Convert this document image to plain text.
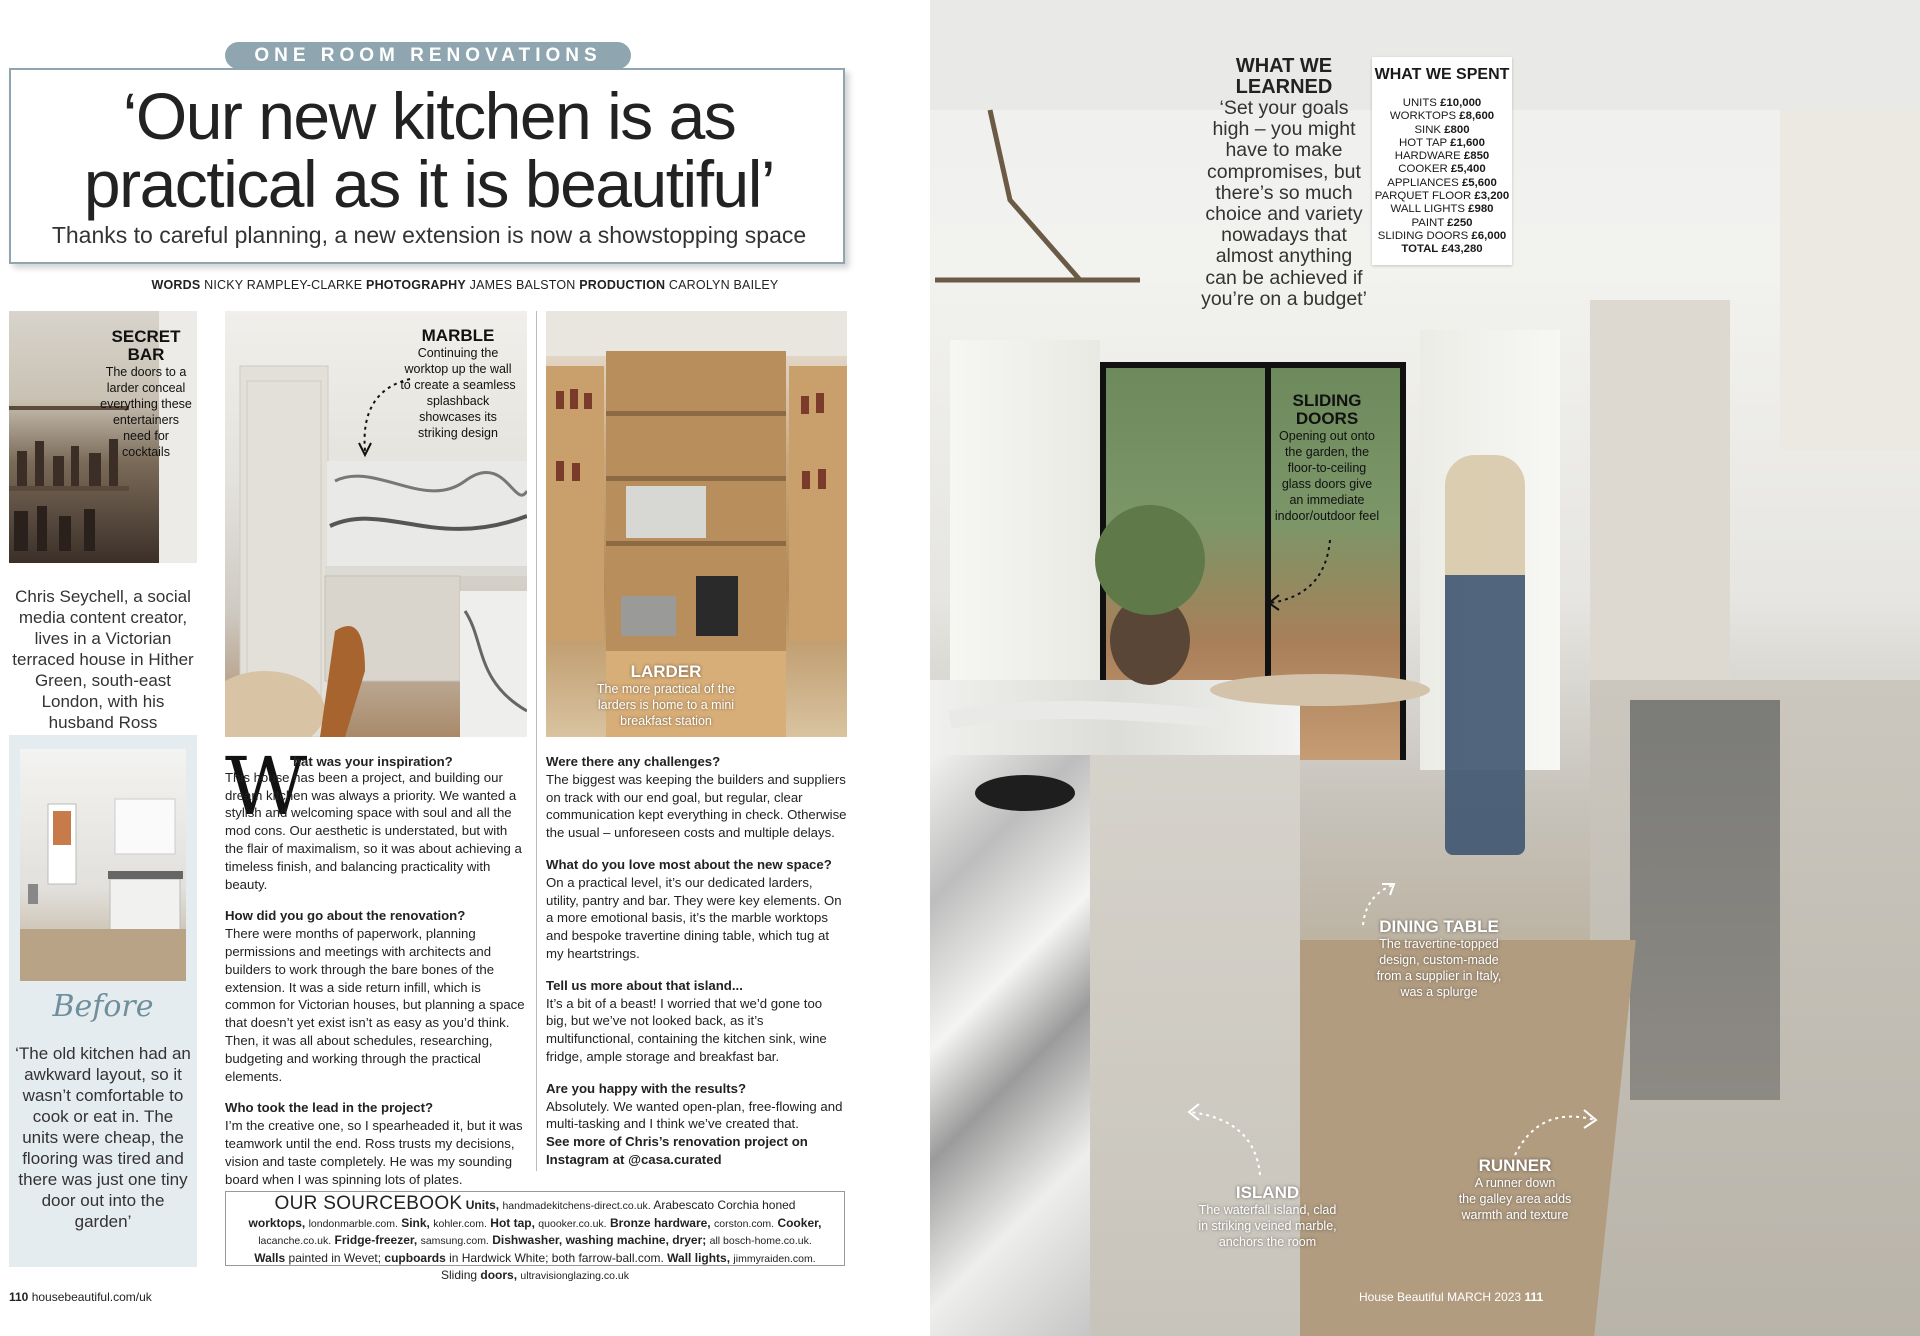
ONE ROOM RENOVATIONS
‘Our new kitchen is as
practical as it is beautiful’
Thanks to careful planning, a new extension is now a showstopping space
WORDS NICKY RAMPLEY-CLARKE PHOTOGRAPHY JAMES BALSTON PRODUCTION CAROLYN BAILEY
SECRET
BAR
The doors to a
larder conceal
everything these
entertainers
need for
cocktails
MARBLE
Continuing the
worktop up the wall
to create a seamless
splashback
showcases its
striking design
LARDER
The more practical of the
larders is home to a mini
breakfast station
Chris Seychell, a social media content creator, lives in a Victorian terraced house in Hither Green, south-east London, with his husband Ross
Before
‘The old kitchen had an awkward layout, so it wasn’t comfortable to cook or eat in. The units were cheap, the flooring was tired and there was just one tiny door out into the garden’
W

hat was your inspiration?

This house has been a project, and building our dream kitchen was always a priority. We wanted a stylish and welcoming space with soul and all the mod cons. Our aesthetic is understated, but with the flair of maximalism, so it was about achieving a timeless finish, and balancing practicality with beauty.

How did you go about the renovation?
There were months of paperwork, planning permissions and meetings with architects and builders to work through the bare bones of the extension. It was a side return infill, which is common for Victorian houses, but planning a space that doesn’t yet exist isn’t as easy as you’d think. Then, it was all about schedules, researching, budgeting and working through the practical elements.

Who took the lead in the project?
I’m the creative one, so I spearheaded it, but it was teamwork until the end. Ross trusts my decisions, vision and taste completely. He was my sounding board when I was spinning lots of plates.

Were there any challenges?
The biggest was keeping the builders and suppliers on track with our end goal, but regular, clear communication kept everything in check. Otherwise the usual – unforeseen costs and multiple delays.

What do you love most about the new space?
On a practical level, it’s our dedicated larders, utility, pantry and bar. They were key elements. On a more emotional basis, it’s the marble worktops and bespoke travertine dining table, which tug at my heartstrings.

Tell us more about that island...
It’s a bit of a beast! I worried that we’d gone too big, but we’ve not looked back, as it’s multifunctional, containing the kitchen sink, wine fridge, ample storage and breakfast bar.

Are you happy with the results?
Absolutely. We wanted open-plan, free-flowing and multi-tasking and I think we’ve created that.
See more of Chris’s renovation project on Instagram at @casa.curated

OUR SOURCEBOOK Units, handmadekitchens-direct.co.uk. Arabescato Corchia honed worktops, londonmarble.com. Sink, kohler.com. Hot tap, quooker.co.uk. Bronze hardware, corston.com. Cooker, lacanche.co.uk. Fridge-freezer, samsung.com. Dishwasher, washing machine, dryer; all bosch-home.co.uk. Walls painted in Wevet; cupboards in Hardwick White; both farrow-ball.com. Wall lights, jimmyraiden.com. Sliding doors, ultravisionglazing.co.uk
110 housebeautiful.com/uk
WHAT WE
LEARNED
‘Set your goals high – you might have to make compromises, but there’s so much choice and variety nowadays that almost anything can be achieved if you’re on a budget’
WHAT WE SPENT
UNITS £10,000
WORKTOPS £8,600
SINK £800
HOT TAP £1,600
HARDWARE £850
COOKER £5,400
APPLIANCES £5,600
PARQUET FLOOR £3,200
WALL LIGHTS £980
PAINT £250
SLIDING DOORS £6,000
TOTAL £43,280
SLIDING
DOORS
Opening out onto
the garden, the
floor-to-ceiling
glass doors give
an immediate
indoor/outdoor feel
DINING TABLE
The travertine-topped
design, custom-made
from a supplier in Italy,
was a splurge
ISLAND
The waterfall island, clad
in striking veined marble,
anchors the room
RUNNER
A runner down
the galley area adds
warmth and texture
House Beautiful MARCH 2023 111
